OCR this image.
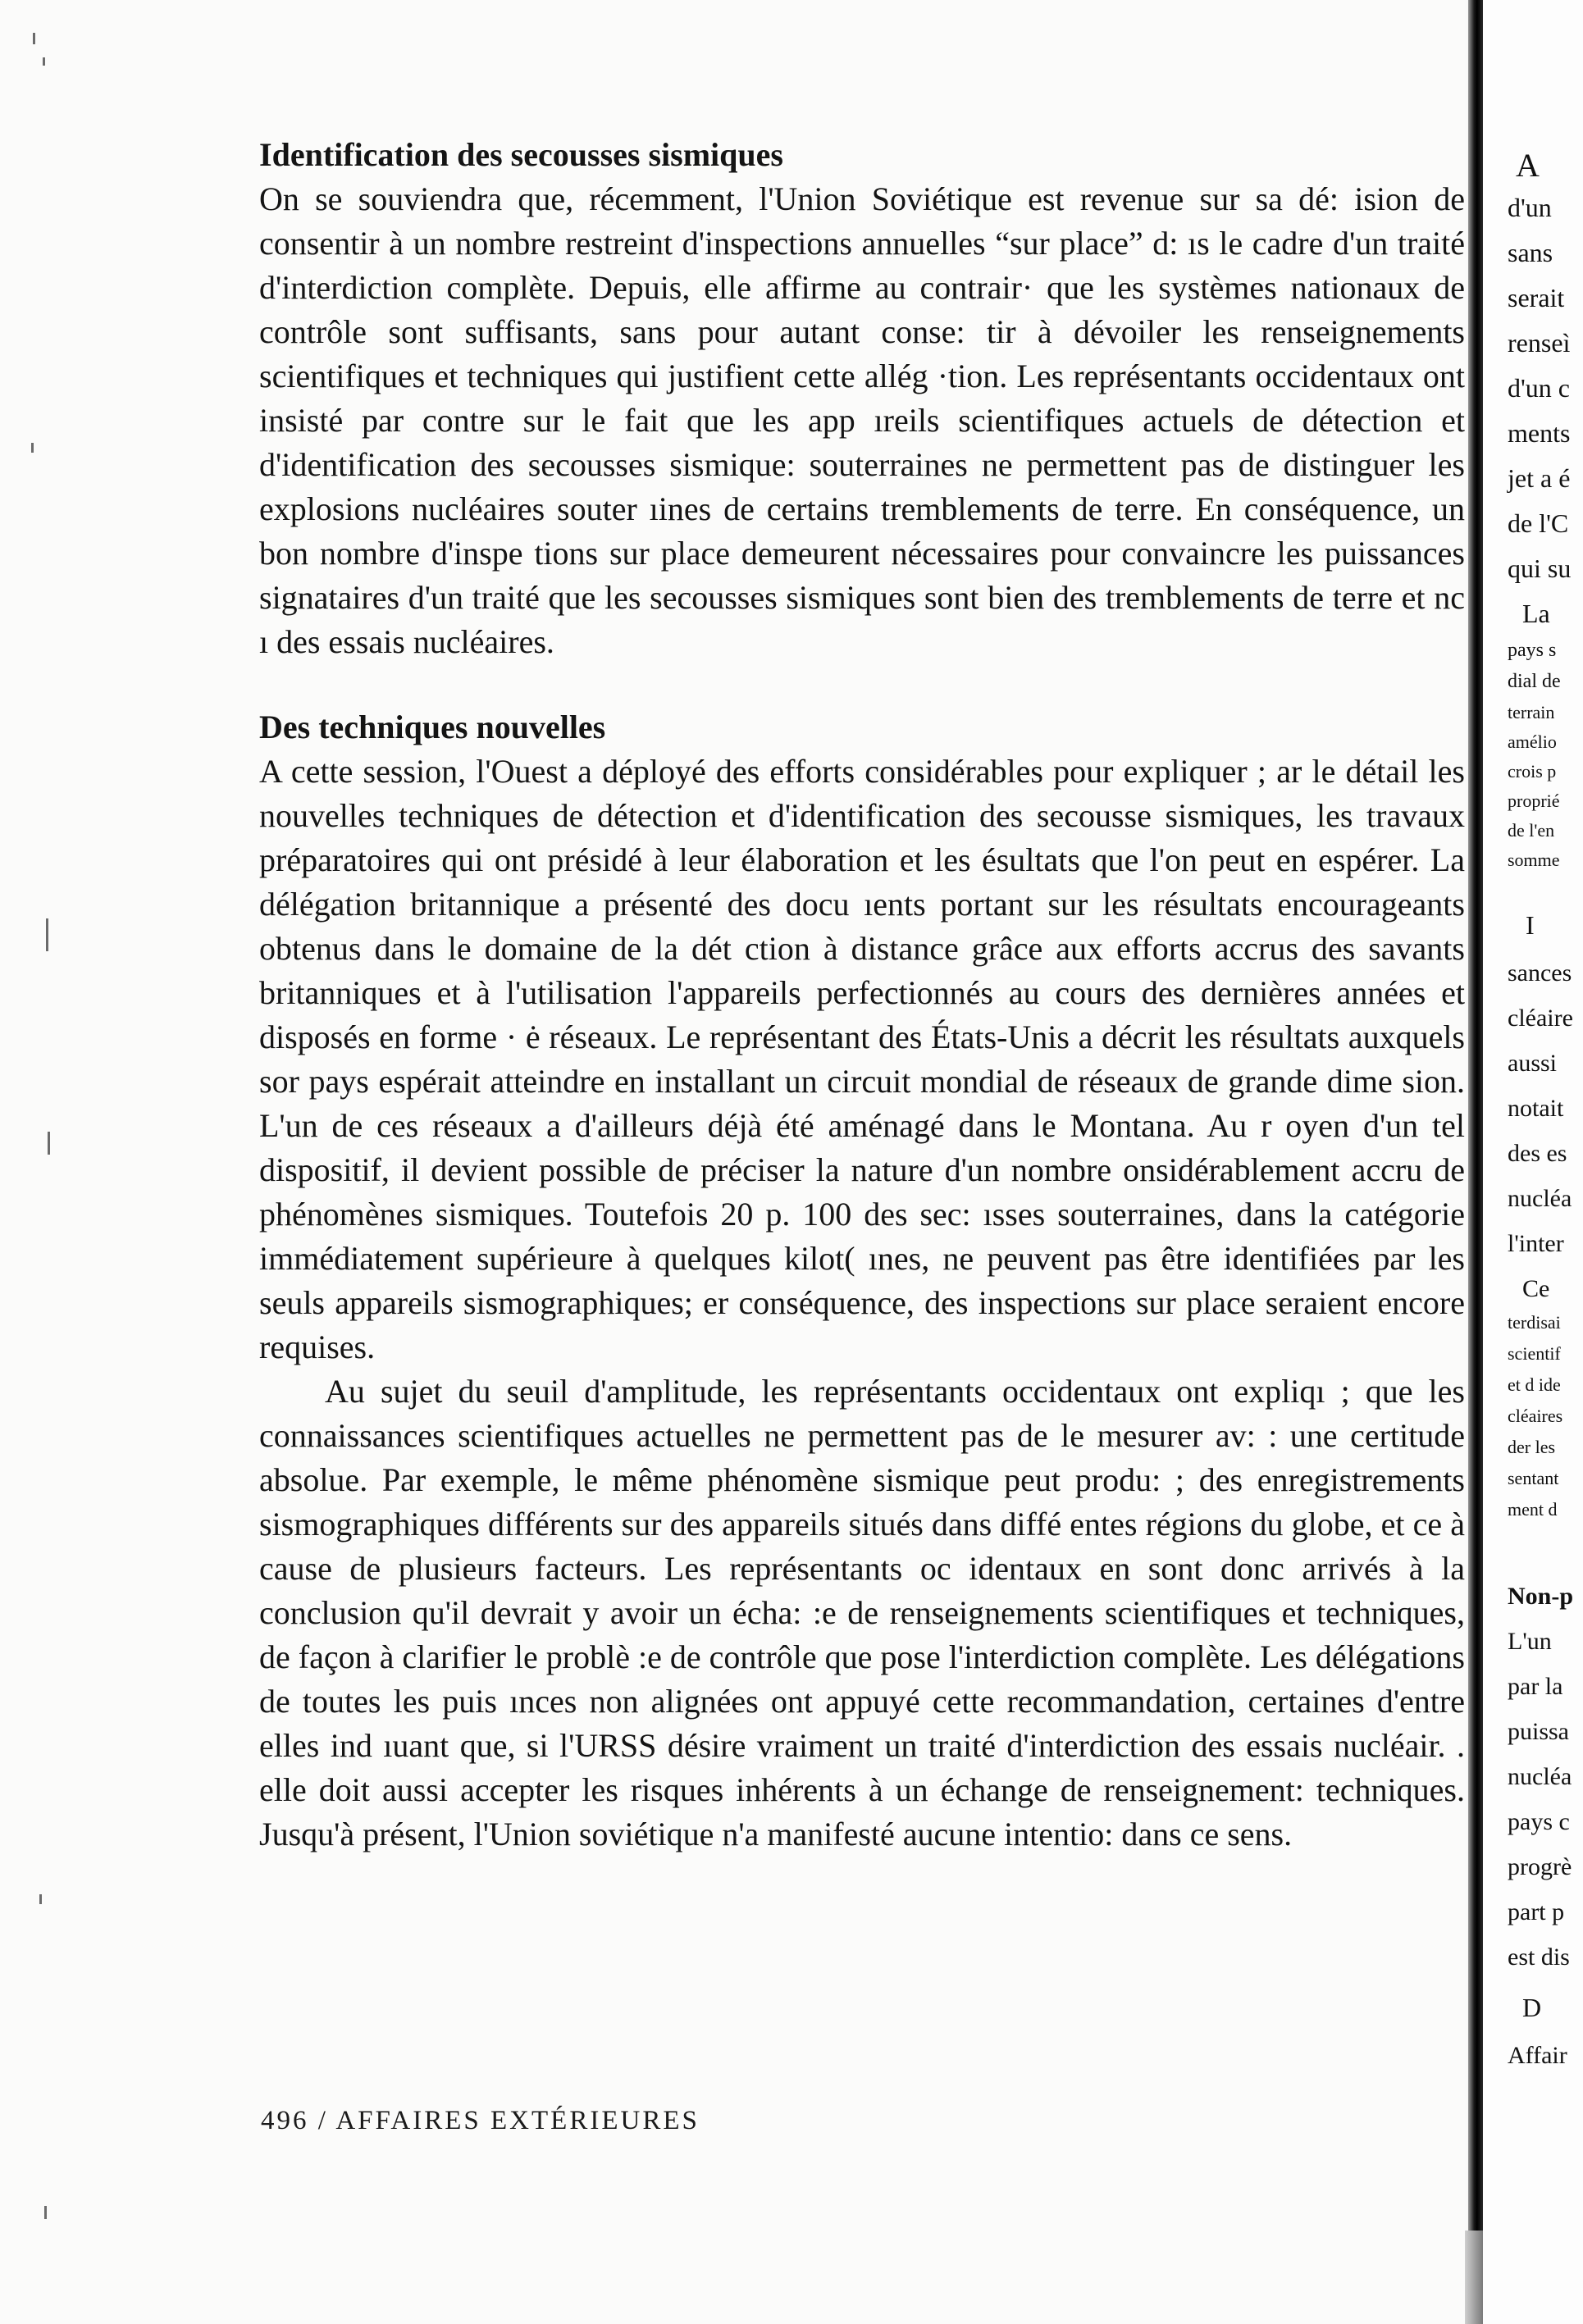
Identification des secousses sismiques

On se souviendra que, récemment, l'Union Soviétique est revenue sur sa dé: ision de consentir à un nombre restreint d'inspections annuelles “sur place” d: ıs le cadre d'un traité d'interdiction complète. Depuis, elle affirme au contrair· que les systèmes nationaux de contrôle sont suffisants, sans pour autant conse: tir à dévoiler les renseignements scientifiques et techniques qui justifient cette allég ·tion. Les représentants occidentaux ont insisté par contre sur le fait que les app ıreils scientifiques actuels de détection et d'identification des secousses sismique: souterraines ne permettent pas de distinguer les explosions nucléaires souter ıines de certains tremblements de terre. En conséquence, un bon nombre d'inspe tions sur place demeurent nécessaires pour convaincre les puissances signataires d'un traité que les secousses sismiques sont bien des tremblements de terre et nc ı des essais nucléaires.

Des techniques nouvelles

A cette session, l'Ouest a déployé des efforts considérables pour expliquer ; ar le détail les nouvelles techniques de détection et d'identification des secousse sismiques, les travaux préparatoires qui ont présidé à leur élaboration et les ésultats que l'on peut en espérer. La délégation britannique a présenté des docu ıents portant sur les résultats encourageants obtenus dans le domaine de la dét ction à distance grâce aux efforts accrus des savants britanniques et à l'utilisation l'appareils perfectionnés au cours des dernières années et disposés en forme · ė réseaux. Le représentant des États-Unis a décrit les résultats auxquels sor pays espérait atteindre en installant un circuit mondial de réseaux de grande dime sion. L'un de ces réseaux a d'ailleurs déjà été aménagé dans le Montana. Au r oyen d'un tel dispositif, il devient possible de préciser la nature d'un nombre onsidérablement accru de phénomènes sismiques. Toutefois 20 p. 100 des sec: ısses souterraines, dans la catégorie immédiatement supérieure à quelques kilot( ınes, ne peuvent pas être identifiées par les seuls appareils sismographiques; er conséquence, des inspections sur place seraient encore requises.

Au sujet du seuil d'amplitude, les représentants occidentaux ont expliqı ; que les connaissances scientifiques actuelles ne permettent pas de le mesurer av: : une certitude absolue. Par exemple, le même phénomène sismique peut produ: ; des enregistrements sismographiques différents sur des appareils situés dans diffé entes régions du globe, et ce à cause de plusieurs facteurs. Les représentants oc identaux en sont donc arrivés à la conclusion qu'il devrait y avoir un écha: :e de renseignements scientifiques et techniques, de façon à clarifier le problè :e de contrôle que pose l'interdiction complète. Les délégations de toutes les puis ınces non alignées ont appuyé cette recommandation, certaines d'entre elles ind ıuant que, si l'URSS désire vraiment un traité d'interdiction des essais nucléair. . elle doit aussi accepter les risques inhérents à un échange de renseignement: techniques. Jusqu'à présent, l'Union soviétique n'a manifesté aucune intentio: dans ce sens.

496 / AFFAIRES EXTÉRIEURES
A
d'un
sans
serait
renseì
d'un c
ments
jet a é
de l'C
qui su
La
pays s
dial de
terrain
amélio
crois p
proprié
de l'en
somme
I
sances
cléaire
aussi
notait
des es
nucléa
l'inter
Ce
terdisai
scientif
et d ide
cléaires
der les
sentant
ment d
Non-p
L'un
par la
puissa
nucléa
pays c
progrè
part p
est dis
D
Affair
